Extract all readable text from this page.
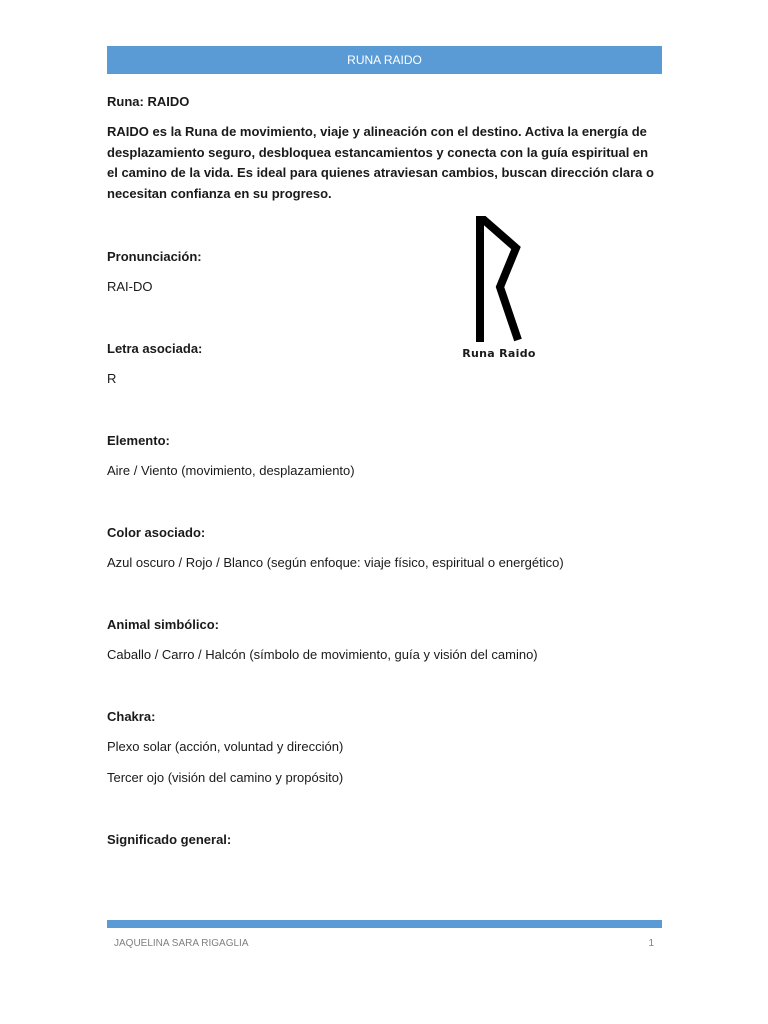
RUNA RAIDO

Runa: RAIDO

RAIDO es la Runa de movimiento, viaje y alineación con el destino. Activa la energía de desplazamiento seguro, desbloquea estancamientos y conecta con la guía espiritual en el camino de la vida. Es ideal para quienes atraviesan cambios, buscan dirección clara o necesitan confianza en su progreso.

Pronunciación:

RAI-DO

Letra asociada:

R

Elemento:

Aire / Viento (movimiento, desplazamiento)

Color asociado:

Azul oscuro / Rojo / Blanco (según enfoque: viaje físico, espiritual o energético)

Animal simbólico:

Caballo / Carro / Halcón (símbolo de movimiento, guía y visión del camino)

Chakra:

Plexo solar (acción, voluntad y dirección)

Tercer ojo (visión del camino y propósito)

Significado general:

Runa Raido
JAQUELINA SARA RIGAGLIA	1
